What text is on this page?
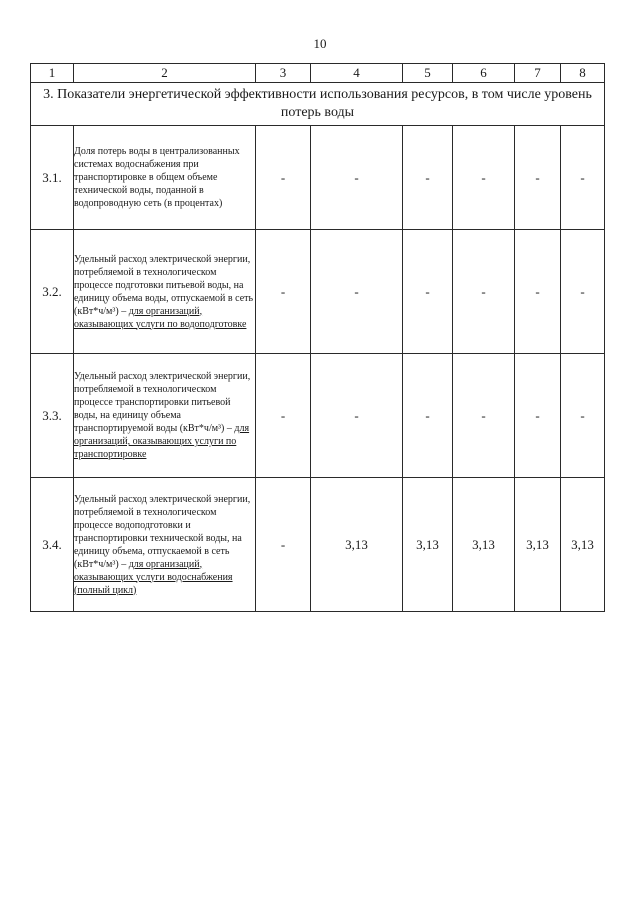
10
1	2	3	4	5	6	7	8
3. Показатели энергетической эффективности использования ресурсов, в том числе уровень потерь воды							
3.1.	Доля потерь воды в централизованных системах водоснабжения при транспортировке в общем объеме технической воды, поданной в водопроводную сеть (в процентах)	-	-	-	-	-	-
3.2.	Удельный расход электрической энергии, потребляемой в технологическом процессе подготовки питьевой воды, на единицу объема воды, отпускаемой в сеть (кВт*ч/м³) – для организаций, оказывающих услуги по водоподготовке	-	-	-	-	-	-
3.3.	Удельный расход электрической энергии, потребляемой в технологическом процессе транспортировки питьевой воды, на единицу объема транспортируемой воды (кВт*ч/м³) – для организаций, оказывающих услуги по транспортировке	-	-	-	-	-	-
3.4.	Удельный расход электрической энергии, потребляемой в технологическом процессе водоподготовки и транспортировки технической воды, на единицу объема, отпускаемой в сеть (кВт*ч/м³) – для организаций, оказывающих услуги водоснабжения (полный цикл)	-	3,13	3,13	3,13	3,13	3,13
